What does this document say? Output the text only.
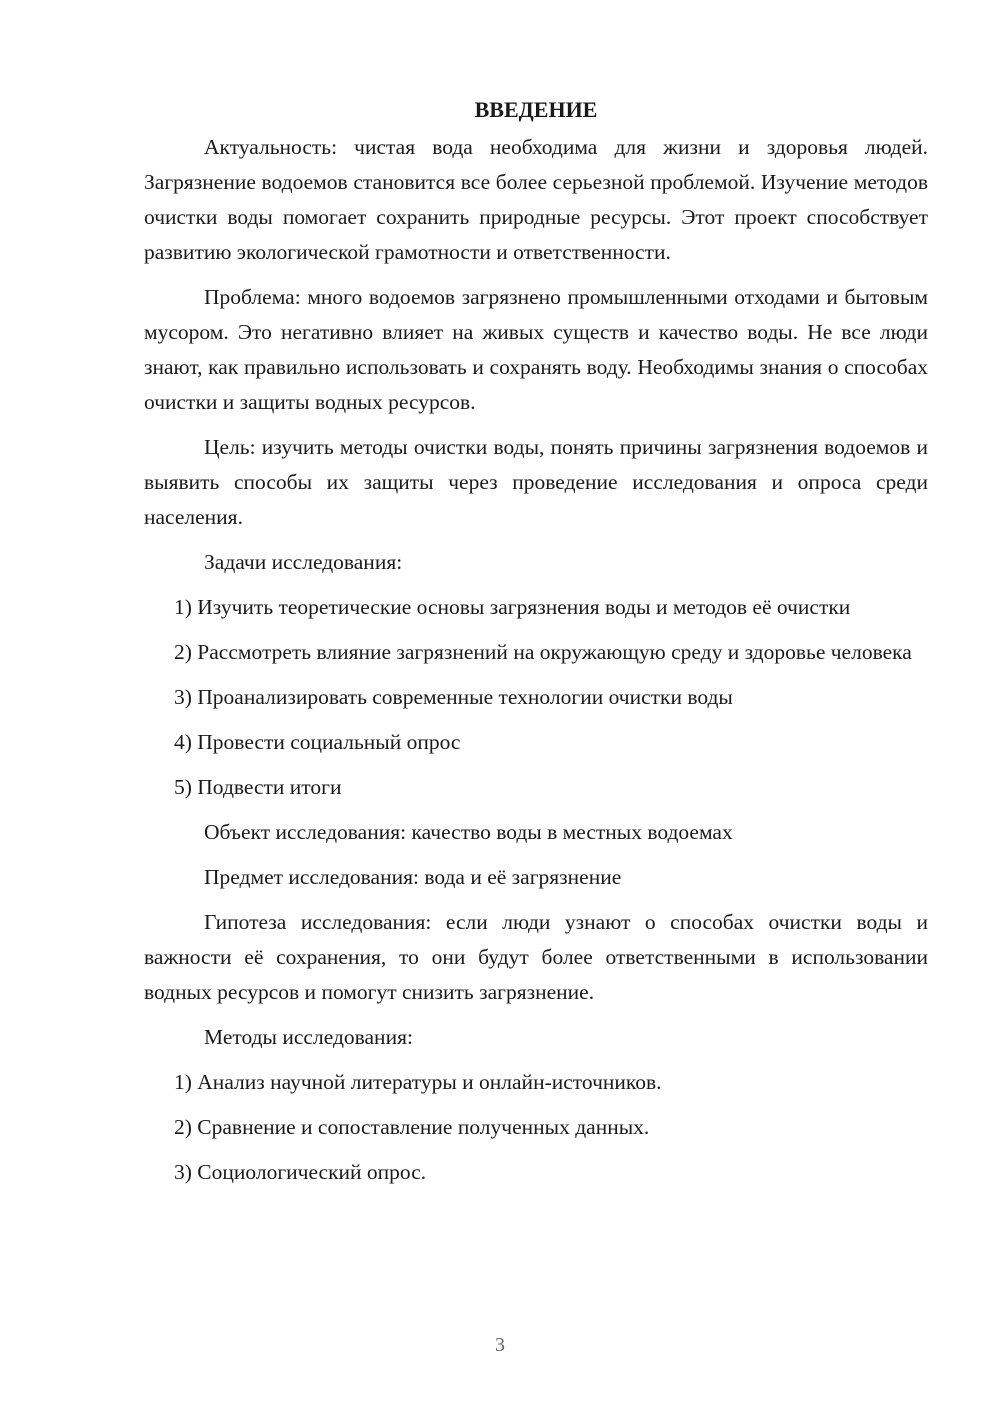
ВВЕДЕНИЕ

Актуальность: чистая вода необходима для жизни и здоровья людей. Загрязнение водоемов становится все более серьезной проблемой. Изучение методов очистки воды помогает сохранить природные ресурсы. Этот проект способствует развитию экологической грамотности и ответственности.

Проблема: много водоемов загрязнено промышленными отходами и бытовым мусором. Это негативно влияет на живых существ и качество воды. Не все люди знают, как правильно использовать и сохранять воду. Необходимы знания о способах очистки и защиты водных ресурсов.

Цель: изучить методы очистки воды, понять причины загрязнения водоемов и выявить способы их защиты через проведение исследования и опроса среди населения.

Задачи исследования:

1) Изучить теоретические основы загрязнения воды и методов её очистки

2) Рассмотреть влияние загрязнений на окружающую среду и здоровье человека

3) Проанализировать современные технологии очистки воды

4) Провести социальный опрос

5) Подвести итоги

Объект исследования: качество воды в местных водоемах

Предмет исследования: вода и её загрязнение

Гипотеза исследования: если люди узнают о способах очистки воды и важности её сохранения, то они будут более ответственными в использовании водных ресурсов и помогут снизить загрязнение.

Методы исследования:

1) Анализ научной литературы и онлайн-источников.

2) Сравнение и сопоставление полученных данных.

3) Социологический опрос.

3
